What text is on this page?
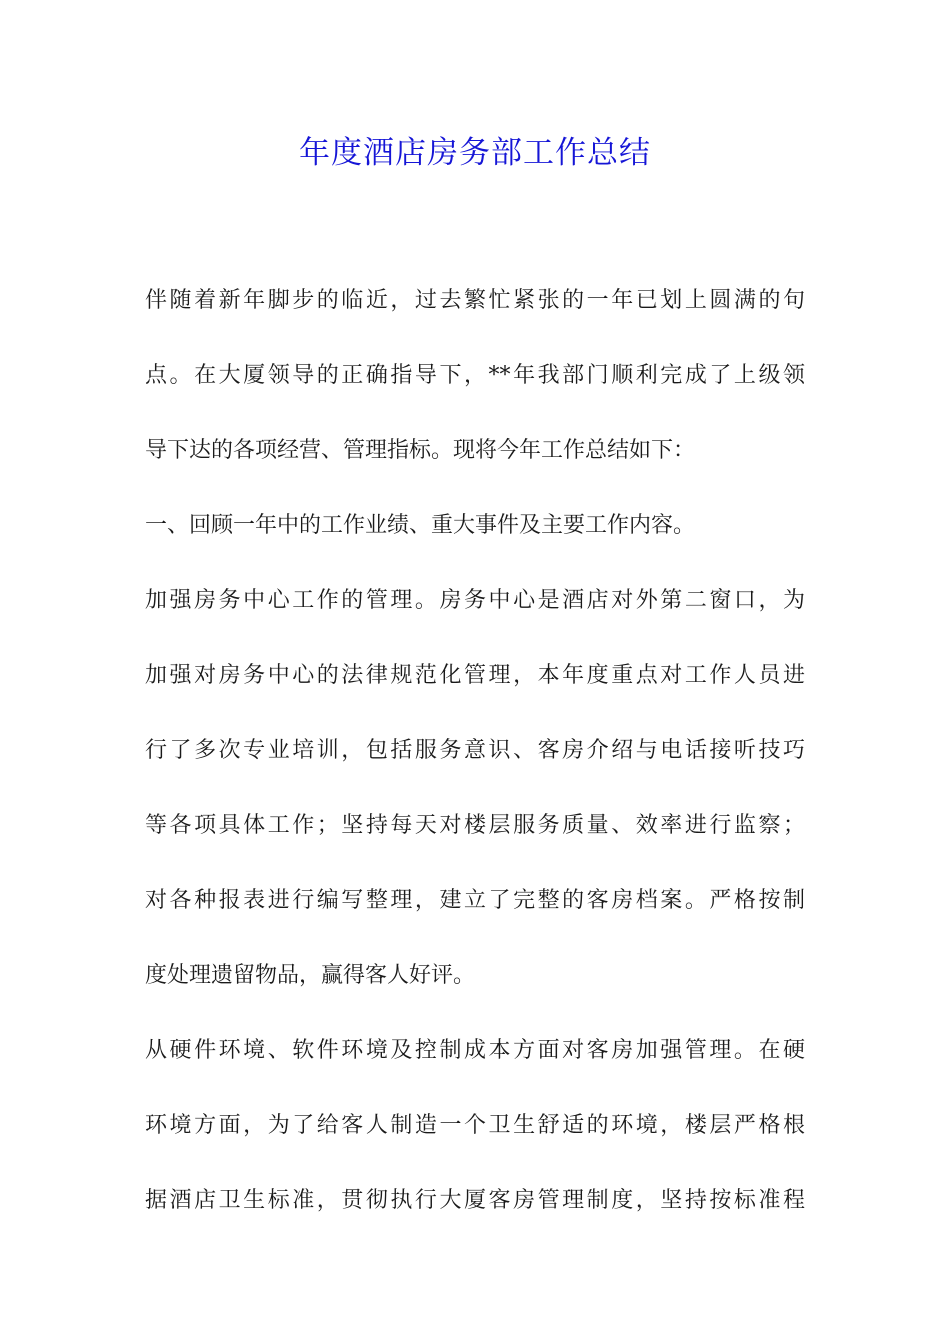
年度酒店房务部工作总结
伴随着新年脚步的临近，过去繁忙紧张的一年已划上圆满的句
点。在大厦领导的正确指导下，**年我部门顺利完成了上级领
导下达的各项经营、管理指标。现将今年工作总结如下：
一、回顾一年中的工作业绩、重大事件及主要工作内容。
加强房务中心工作的管理。房务中心是酒店对外第二窗口，为
加强对房务中心的法律规范化管理，本年度重点对工作人员进
行了多次专业培训，包括服务意识、客房介绍与电话接听技巧
等各项具体工作；坚持每天对楼层服务质量、效率进行监察；
对各种报表进行编写整理，建立了完整的客房档案。严格按制
度处理遗留物品，赢得客人好评。
从硬件环境、软件环境及控制成本方面对客房加强管理。在硬
环境方面，为了给客人制造一个卫生舒适的环境，楼层严格根
据酒店卫生标准，贯彻执行大厦客房管理制度，坚持按标准程
